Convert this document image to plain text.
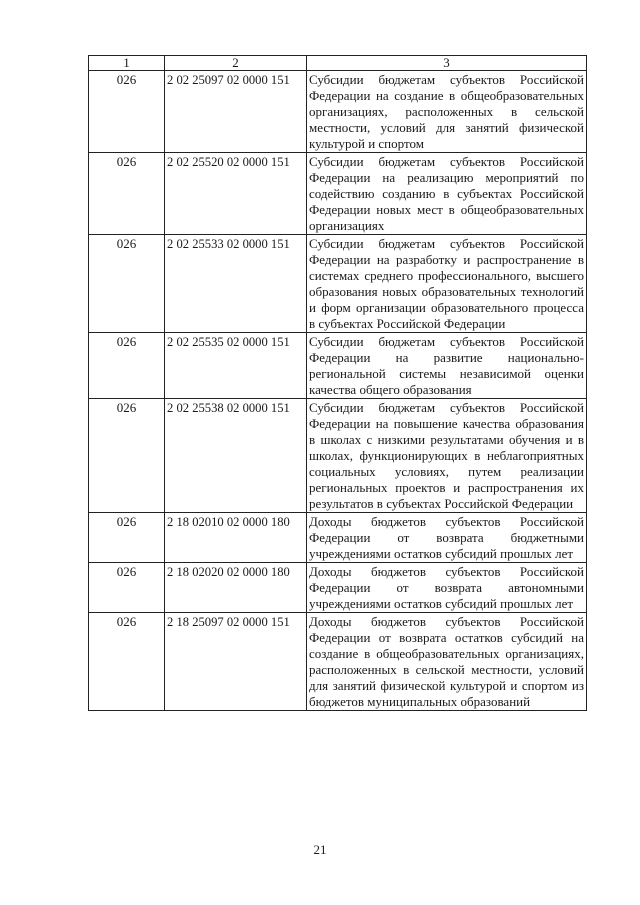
1	2	3
026	2 02 25097 02 0000 151	Субсидии бюджетам субъектов Российской Федерации на создание в общеобразовательных организациях, расположенных в сельской местности, условий для занятий физической культурой и спортом
026	2 02 25520 02 0000 151	Субсидии бюджетам субъектов Российской Федерации на реализацию мероприятий по содействию созданию в субъектах Российской Федерации новых мест в общеобразовательных организациях
026	2 02 25533 02 0000 151	Субсидии бюджетам субъектов Российской Федерации на разработку и распространение в системах среднего профессионального, высшего образования новых образовательных технологий и форм организации образовательного процесса в субъектах Российской Федерации
026	2 02 25535 02 0000 151	Субсидии бюджетам субъектов Российской Федерации на развитие национально-региональной системы независимой оценки качества общего образования
026	2 02 25538 02 0000 151	Субсидии бюджетам субъектов Российской Федерации на повышение качества образования в школах с низкими результатами обучения и в школах, функционирующих в неблагоприятных социальных условиях, путем реализации региональных проектов и распространения их результатов в субъектах Российской Федерации
026	2 18 02010 02 0000 180	Доходы бюджетов субъектов Российской Федерации от возврата бюджетными учреждениями остатков субсидий прошлых лет
026	2 18 02020 02 0000 180	Доходы бюджетов субъектов Российской Федерации от возврата автономными учреждениями остатков субсидий прошлых лет
026	2 18 25097 02 0000 151	Доходы бюджетов субъектов Российской Федерации от возврата остатков субсидий на создание в общеобразовательных организациях, расположенных в сельской местности, условий для занятий физической культурой и спортом из бюджетов муниципальных образований
21
